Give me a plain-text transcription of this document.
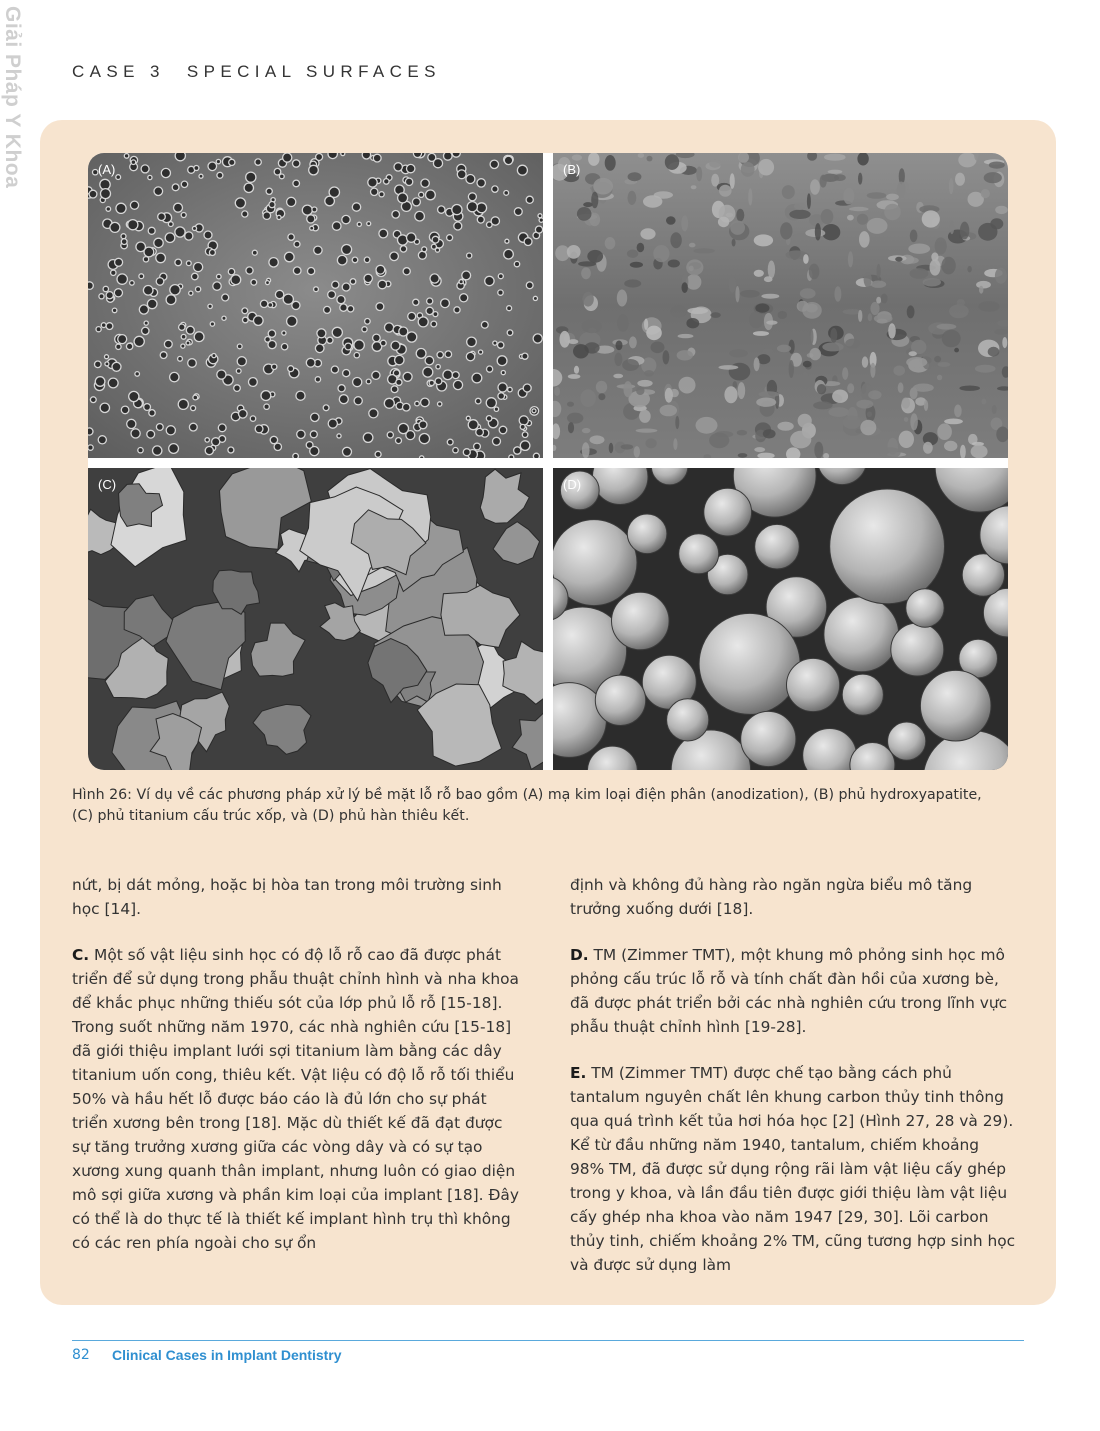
Giải Pháp Y Khoa	CASE 3 SPECIAL SURFACES
(A)	(B)
(C)	(D)
Hình 26: Ví dụ về các phương pháp xử lý bề mặt lỗ rỗ bao gồm (A) mạ kim loại điện phân (anodization), (B) phủ hydroxyapatite, (C) phủ titanium cấu trúc xốp, và (D) phủ hàn thiêu kết.

nứt, bị dát mỏng, hoặc bị hòa tan trong môi trường sinh học [14].

C. Một số vật liệu sinh học có độ lỗ rỗ cao đã được phát triển để sử dụng trong phẫu thuật chỉnh hình và nha khoa để khắc phục những thiếu sót của lớp phủ lỗ rỗ [15-18]. Trong suốt những năm 1970, các nhà nghiên cứu [15-18] đã giới thiệu implant lưới sợi titanium làm bằng các dây titanium uốn cong, thiêu kết. Vật liệu có độ lỗ rỗ tối thiểu 50% và hầu hết lỗ được báo cáo là đủ lớn cho sự phát triển xương bên trong [18]. Mặc dù thiết kế đã đạt được sự tăng trưởng xương giữa các vòng dây và có sự tạo xương xung quanh thân implant, nhưng luôn có giao diện mô sợi giữa xương và phần kim loại của implant [18]. Đây có thể là do thực tế là thiết kế implant hình trụ thì không có các ren phía ngoài cho sự ổn

định và không đủ hàng rào ngăn ngừa biểu mô tăng trưởng xuống dưới [18].

D. TM (Zimmer TMT), một khung mô phỏng sinh học mô phỏng cấu trúc lỗ rỗ và tính chất đàn hồi của xương bè, đã được phát triển bởi các nhà nghiên cứu trong lĩnh vực phẫu thuật chỉnh hình [19-28].

E. TM (Zimmer TMT) được chế tạo bằng cách phủ tantalum nguyên chất lên khung carbon thủy tinh thông qua quá trình kết tủa hơi hóa học [2] (Hình 27, 28 và 29). Kể từ đầu những năm 1940, tantalum, chiếm khoảng 98% TM, đã được sử dụng rộng rãi làm vật liệu cấy ghép trong y khoa, và lần đầu tiên được giới thiệu làm vật liệu cấy ghép nha khoa vào năm 1947 [29, 30]. Lõi carbon thủy tinh, chiếm khoảng 2% TM, cũng tương hợp sinh học và được sử dụng làm

82 Clinical Cases in Implant Dentistry
